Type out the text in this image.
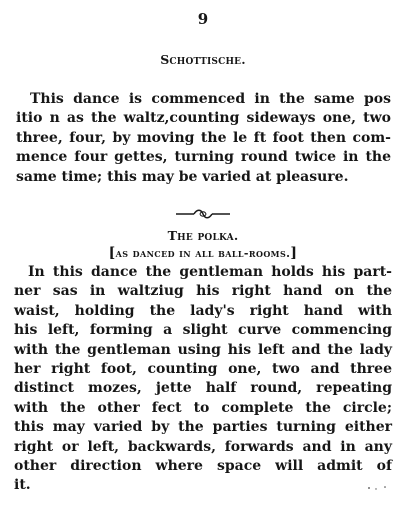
9
Schottische.

This dance is commenced in the same pos
itio n as the waltz,counting sideways one, two
three, four, by moving the le ft foot then com-
mence four gettes, turning round twice in the
same time; this may be varied at pleasure.

The polka.
[as danced in all ball-rooms.]

In this dance the gentleman holds his part-
ner sas in waltziug his right hand on the
waist, holding the lady's right hand with
his left, forming a slight curve commencing
with the gentleman using his left and the lady
her right foot, counting one, two and three
distinct mozes, jette half round, repeating
with the other fect to complete the circle;
this may varied by the parties turning either
right or left, backwards, forwards and in any
other direction where space will admit of
it.
